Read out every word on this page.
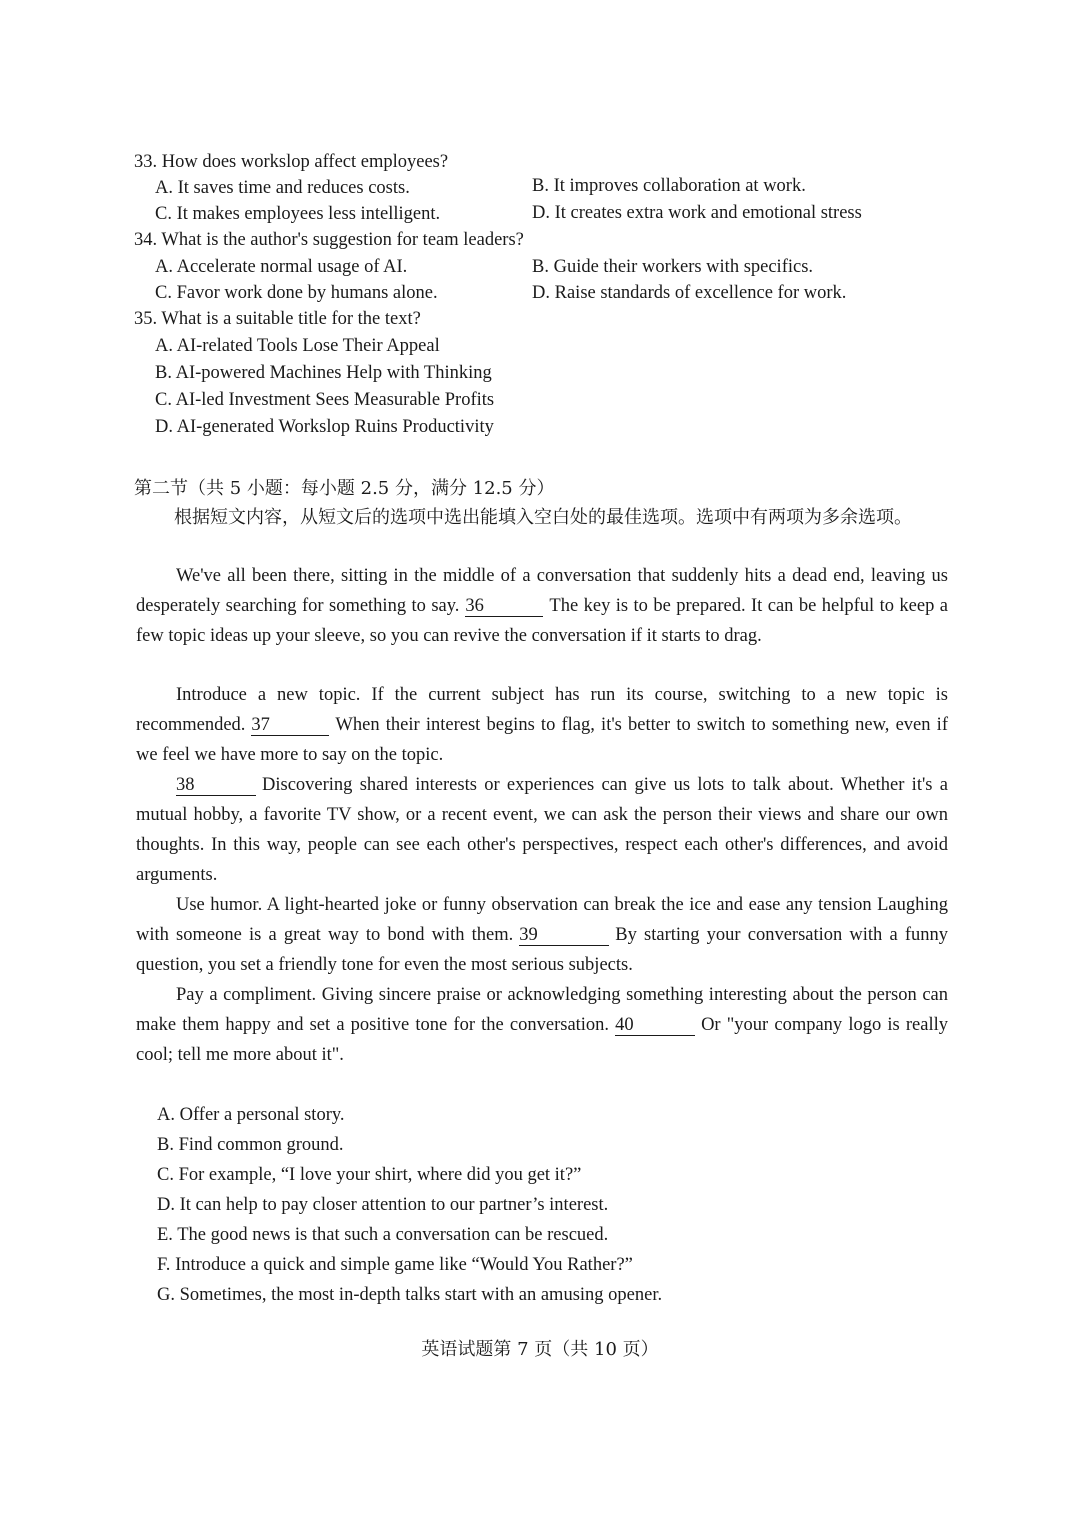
33. How does workslop affect employees?
A. It saves time and reduces costs.	B. It improves collaboration at work.
C. It makes employees less intelligent.	D. It creates extra work and emotional stress
34. What is the author's suggestion for team leaders?
A. Accelerate normal usage of AI.	B. Guide their workers with specifics.
C. Favor work done by humans alone.	D. Raise standards of excellence for work.
35. What is a suitable title for the text?
A. AI-related Tools Lose Their Appeal
B. AI-powered Machines Help with Thinking
C. AI-led Investment Sees Measurable Profits
D. AI-generated Workslop Ruins Productivity
第二节（共 5 小题：每小题 2.5 分，满分 12.5 分）
根据短文内容，从短文后的选项中选出能填入空白处的最佳选项。选项中有两项为多余选项。
We've all been there, sitting in the middle of a conversation that suddenly hits a dead end, leaving us desperately searching for something to say. 36	The key is to be prepared. It can be helpful to keep a few topic ideas up your sleeve, so you can revive the conversation if it starts to drag.
Introduce a new topic. If the current subject has run its course, switching to a new topic is recommended. 37	When their interest begins to flag, it's better to switch to something new, even if we feel we have more to say on the topic.
38	Discovering shared interests or experiences can give us lots to talk about. Whether it's a mutual hobby, a favorite TV show, or a recent event, we can ask the person their views and share our own thoughts. In this way, people can see each other's perspectives, respect each other's differences, and avoid arguments.
Use humor. A light-hearted joke or funny observation can break the ice and ease any tension Laughing with someone is a great way to bond with them. 39	By starting your conversation with a funny question, you set a friendly tone for even the most serious subjects.
Pay a compliment. Giving sincere praise or acknowledging something interesting about the person can make them happy and set a positive tone for the conversation. 40	Or "your company logo is really cool; tell me more about it".
A. Offer a personal story.
B. Find common ground.
C. For example, “I love your shirt, where did you get it?”
D. It can help to pay closer attention to our partner’s interest.
E. The good news is that such a conversation can be rescued.
F. Introduce a quick and simple game like “Would You Rather?”
G. Sometimes, the most in-depth talks start with an amusing opener.
英语试题第 7 页（共 10 页）
